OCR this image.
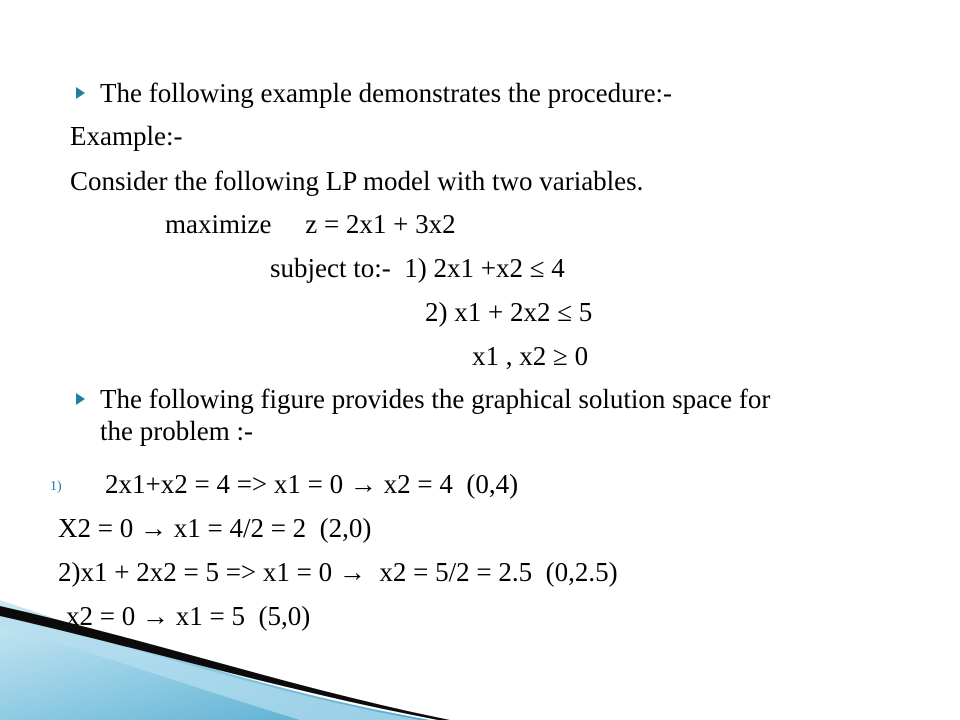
The following example demonstrates the procedure:-
Example:-
Consider the following LP model with two variables.
maximize     z = 2x1 + 3x2
subject to:-  1) 2x1 +x2 ≤ 4
2) x1 + 2x2 ≤ 5
x1 , x2 ≥ 0
The following figure provides the graphical solution space for
the problem :-
1) 2x1+x2 = 4 => x1 = 0 → x2 = 4  (0,4)
X2 = 0 → x1 = 4/2 = 2  (2,0)
2)x1 + 2x2 = 5 => x1 = 0 →  x2 = 5/2 = 2.5  (0,2.5)
x2 = 0 → x1 = 5  (5,0)
